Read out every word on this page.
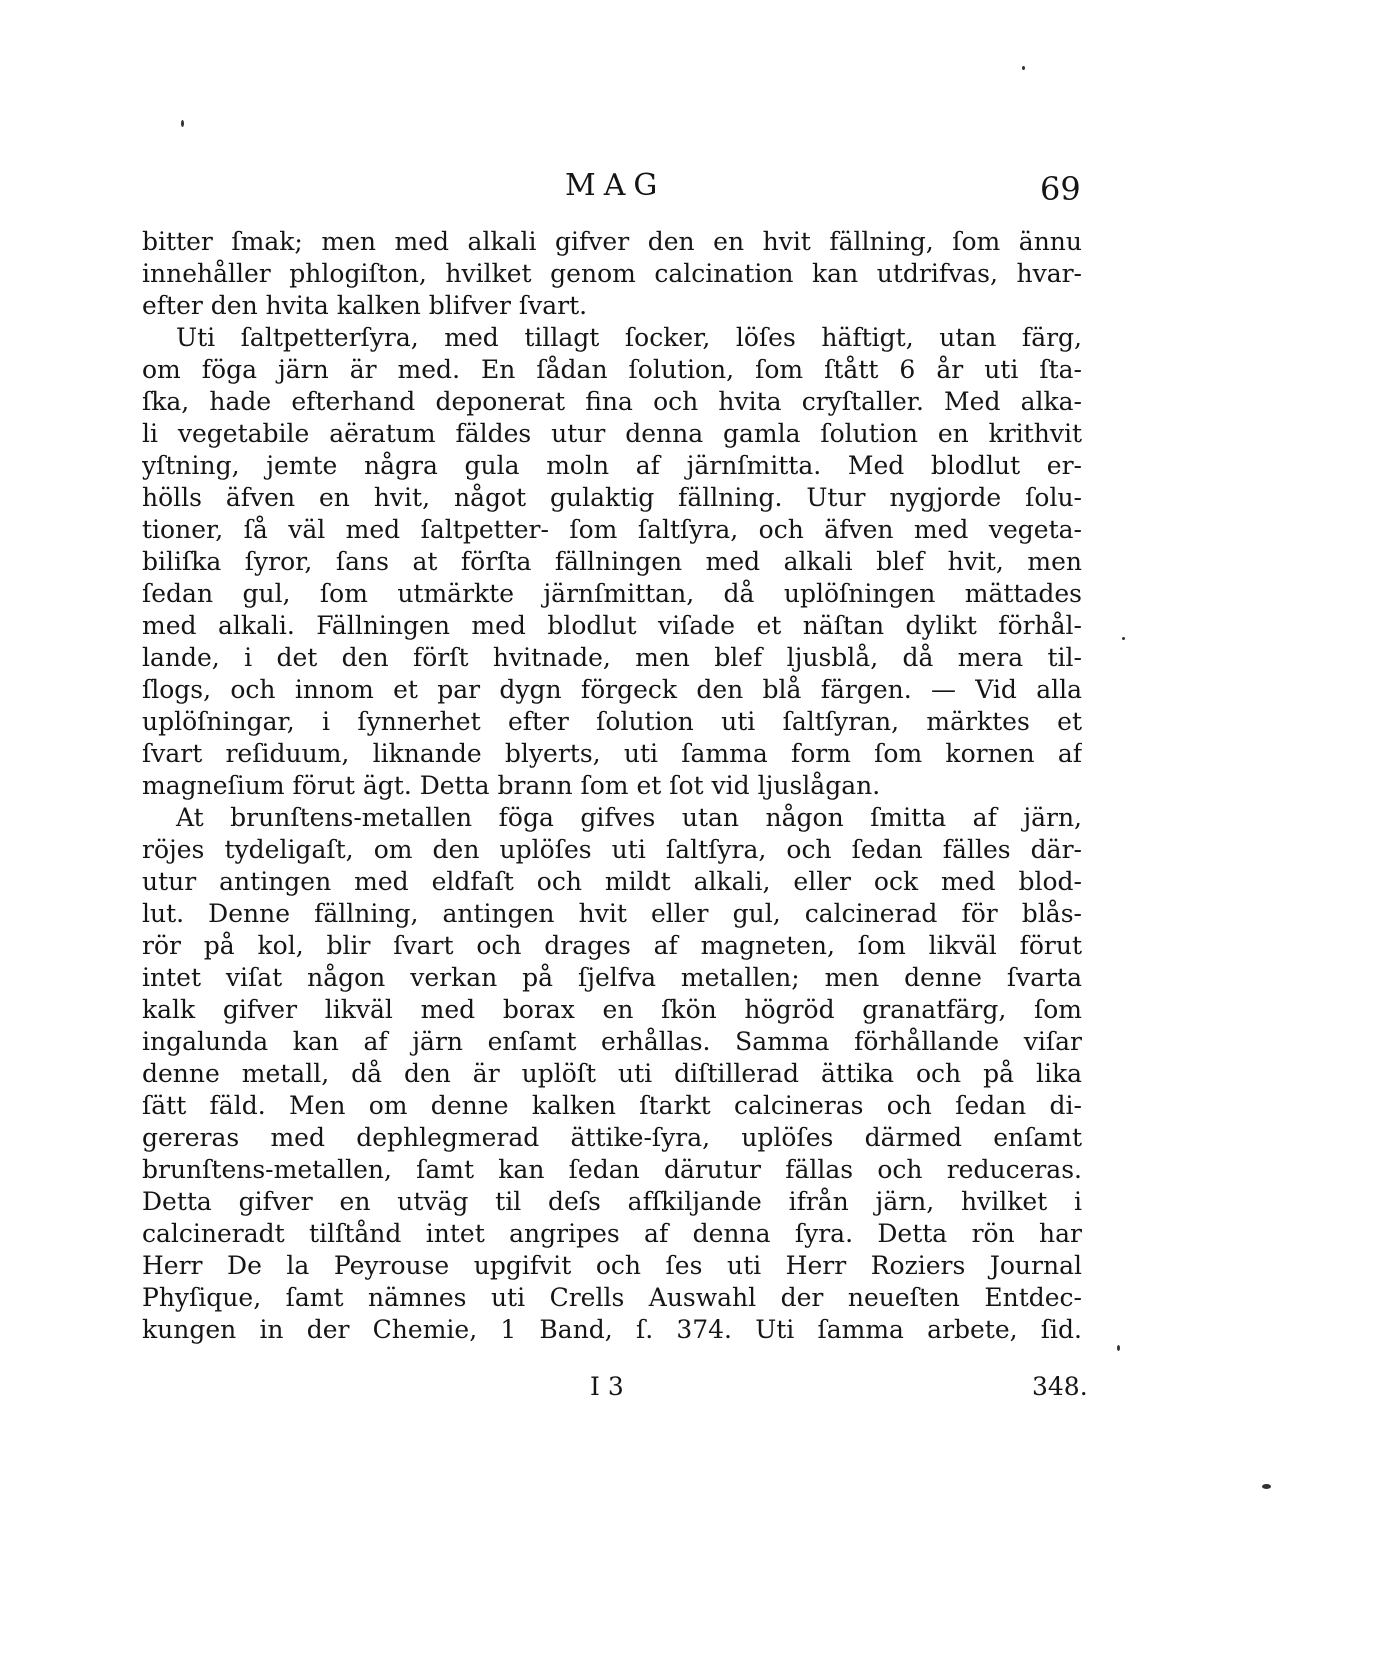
MAG	69
bitter ſmak; men med alkali gifver den en hvit fällning, ſom ännu
innehåller phlogiſton, hvilket genom calcination kan utdrifvas, hvar-
efter den hvita kalken blifver ſvart.
Uti ſaltpetterſyra, med tillagt ſocker, löſes häftigt, utan färg,
om föga järn är med. En ſådan ſolution, ſom ſtått 6 år uti ſta-
ſka, hade efterhand deponerat fina och hvita cryſtaller. Med alka-
li vegetabile aëratum fäldes utur denna gamla ſolution en krithvit
yſtning, jemte några gula moln af järnſmitta. Med blodlut er-
hölls äfven en hvit, något gulaktig fällning. Utur nygjorde ſolu-
tioner, ſå väl med ſaltpetter- ſom ſaltſyra, och äfven med vegeta-
biliſka ſyror, ſans at förſta fällningen med alkali blef hvit, men
ſedan gul, ſom utmärkte järnſmittan, då uplöſningen mättades
med alkali. Fällningen med blodlut viſade et näſtan dylikt förhål-
lande, i det den förſt hvitnade, men blef ljusblå, då mera til-
ſlogs, och innom et par dygn förgeck den blå färgen. — Vid alla
uplöſningar, i ſynnerhet efter ſolution uti ſaltſyran, märktes et
ſvart reſiduum, liknande blyerts, uti ſamma form ſom kornen af
magneſium förut ägt. Detta brann ſom et ſot vid ljuslågan.
At brunſtens-metallen föga gifves utan någon ſmitta af järn,
röjes tydeligaſt, om den uplöſes uti ſaltſyra, och ſedan fälles där-
utur antingen med eldfaſt och mildt alkali, eller ock med blod-
lut. Denne fällning, antingen hvit eller gul, calcinerad för blås-
rör på kol, blir ſvart och drages af magneten, ſom likväl förut
intet viſat någon verkan på ſjelfva metallen; men denne ſvarta
kalk gifver likväl med borax en ſkön högröd granatfärg, ſom
ingalunda kan af järn enſamt erhållas. Samma förhållande viſar
denne metall, då den är uplöſt uti diſtillerad ättika och på lika
ſätt fäld. Men om denne kalken ſtarkt calcineras och ſedan di-
gereras med dephlegmerad ättike-ſyra, uplöſes därmed enſamt
brunſtens-metallen, ſamt kan ſedan därutur fällas och reduceras.
Detta gifver en utväg til deſs afſkiljande ifrån järn, hvilket i
calcineradt tilſtånd intet angripes af denna ſyra. Detta rön har
Herr De la Peyrouse upgifvit och ſes uti Herr Roziers Journal
Phyſique, ſamt nämnes uti Crells Auswahl der neueſten Entdec-
kungen in der Chemie, 1 Band, ſ. 374. Uti ſamma arbete, ſid.
I 3	348.
